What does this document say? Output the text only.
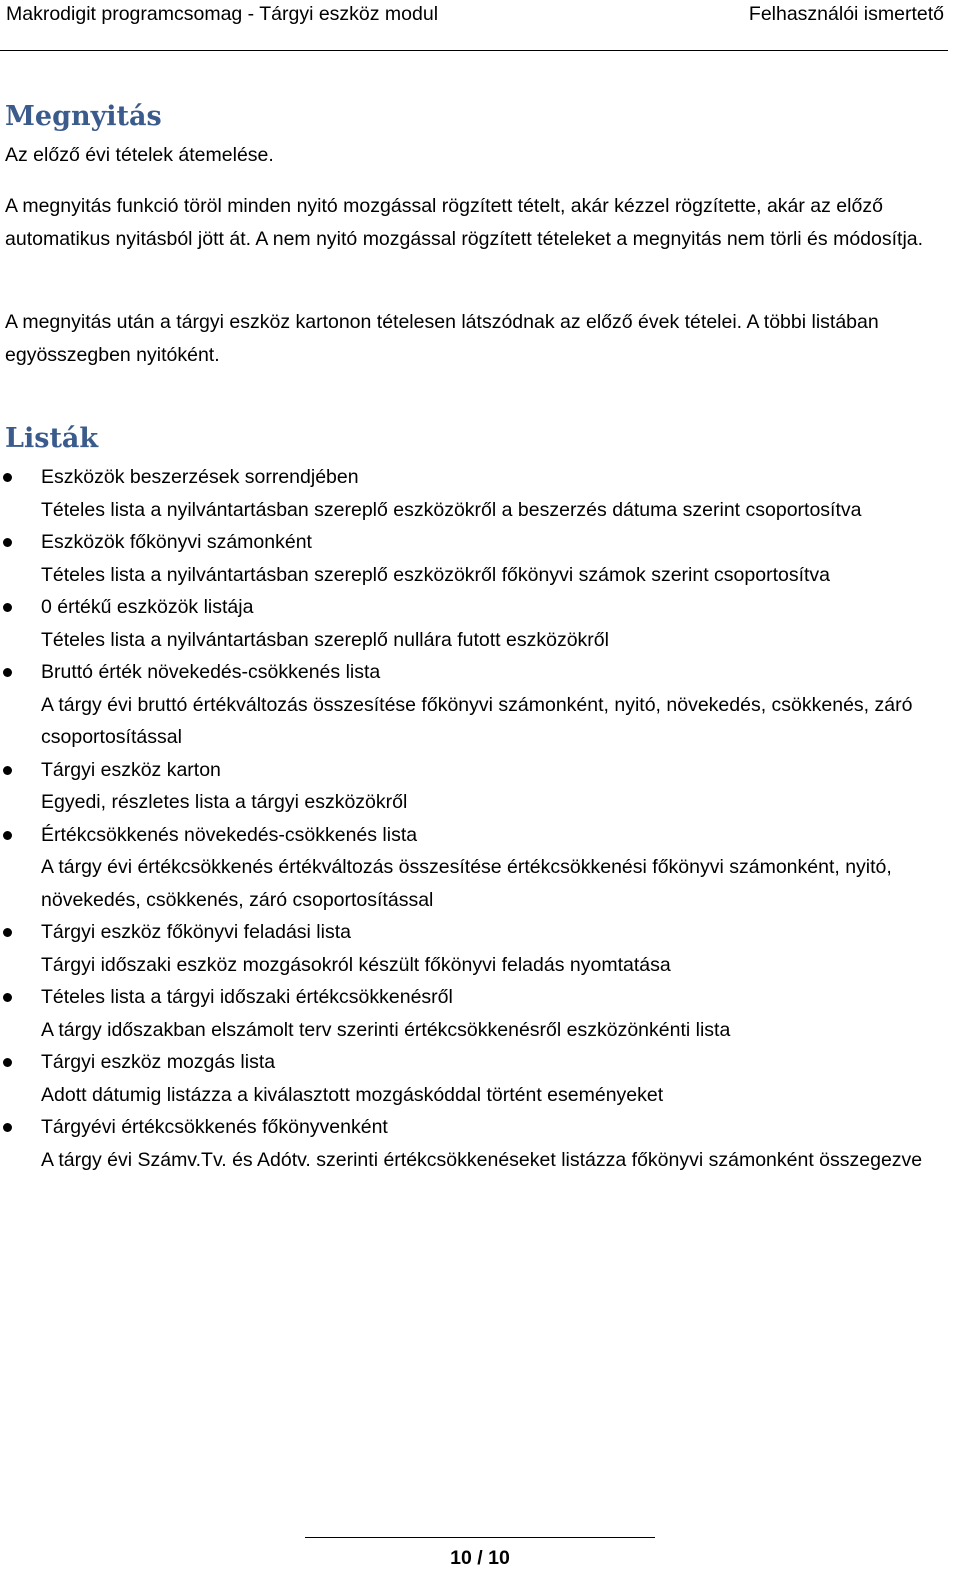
Makrodigit programcsomag - Tárgyi eszköz modul	Felhasználói ismertető
Megnyitás

Az előző évi tételek átemelése.

A megnyitás funkció töröl minden nyitó mozgással rögzített tételt, akár kézzel rögzítette, akár az előző automatikus nyitásból jött át. A nem nyitó mozgással rögzített tételeket a megnyitás nem törli és módosítja.

A megnyitás után a tárgyi eszköz kartonon tételesen látszódnak az előző évek tételei. A többi listában egyösszegben nyitóként.

Listák
Eszközök beszerzések sorrendjében
Tételes lista a nyilvántartásban szereplő eszközökről a beszerzés dátuma szerint csoportosítva
Eszközök főkönyvi számonként
Tételes lista a nyilvántartásban szereplő eszközökről főkönyvi számok szerint csoportosítva
0 értékű eszközök listája
Tételes lista a nyilvántartásban szereplő nullára futott eszközökről
Bruttó érték növekedés-csökkenés lista
A tárgy évi bruttó értékváltozás összesítése főkönyvi számonként, nyitó, növekedés, csökkenés, záró csoportosítással
Tárgyi eszköz karton
Egyedi, részletes lista a tárgyi eszközökről
Értékcsökkenés növekedés-csökkenés lista
A tárgy évi értékcsökkenés értékváltozás összesítése értékcsökkenési főkönyvi számonként, nyitó, növekedés, csökkenés, záró csoportosítással
Tárgyi eszköz főkönyvi feladási lista
Tárgyi időszaki eszköz mozgásokról készült főkönyvi feladás nyomtatása
Tételes lista a tárgyi időszaki értékcsökkenésről
A tárgy időszakban elszámolt terv szerinti értékcsökkenésről eszközönkénti lista
Tárgyi eszköz mozgás lista
Adott dátumig listázza a kiválasztott mozgáskóddal történt eseményeket
Tárgyévi értékcsökkenés főkönyvenként
A tárgy évi Számv.Tv. és Adótv. szerinti értékcsökkenéseket listázza főkönyvi számonként összegezve
10 / 10
